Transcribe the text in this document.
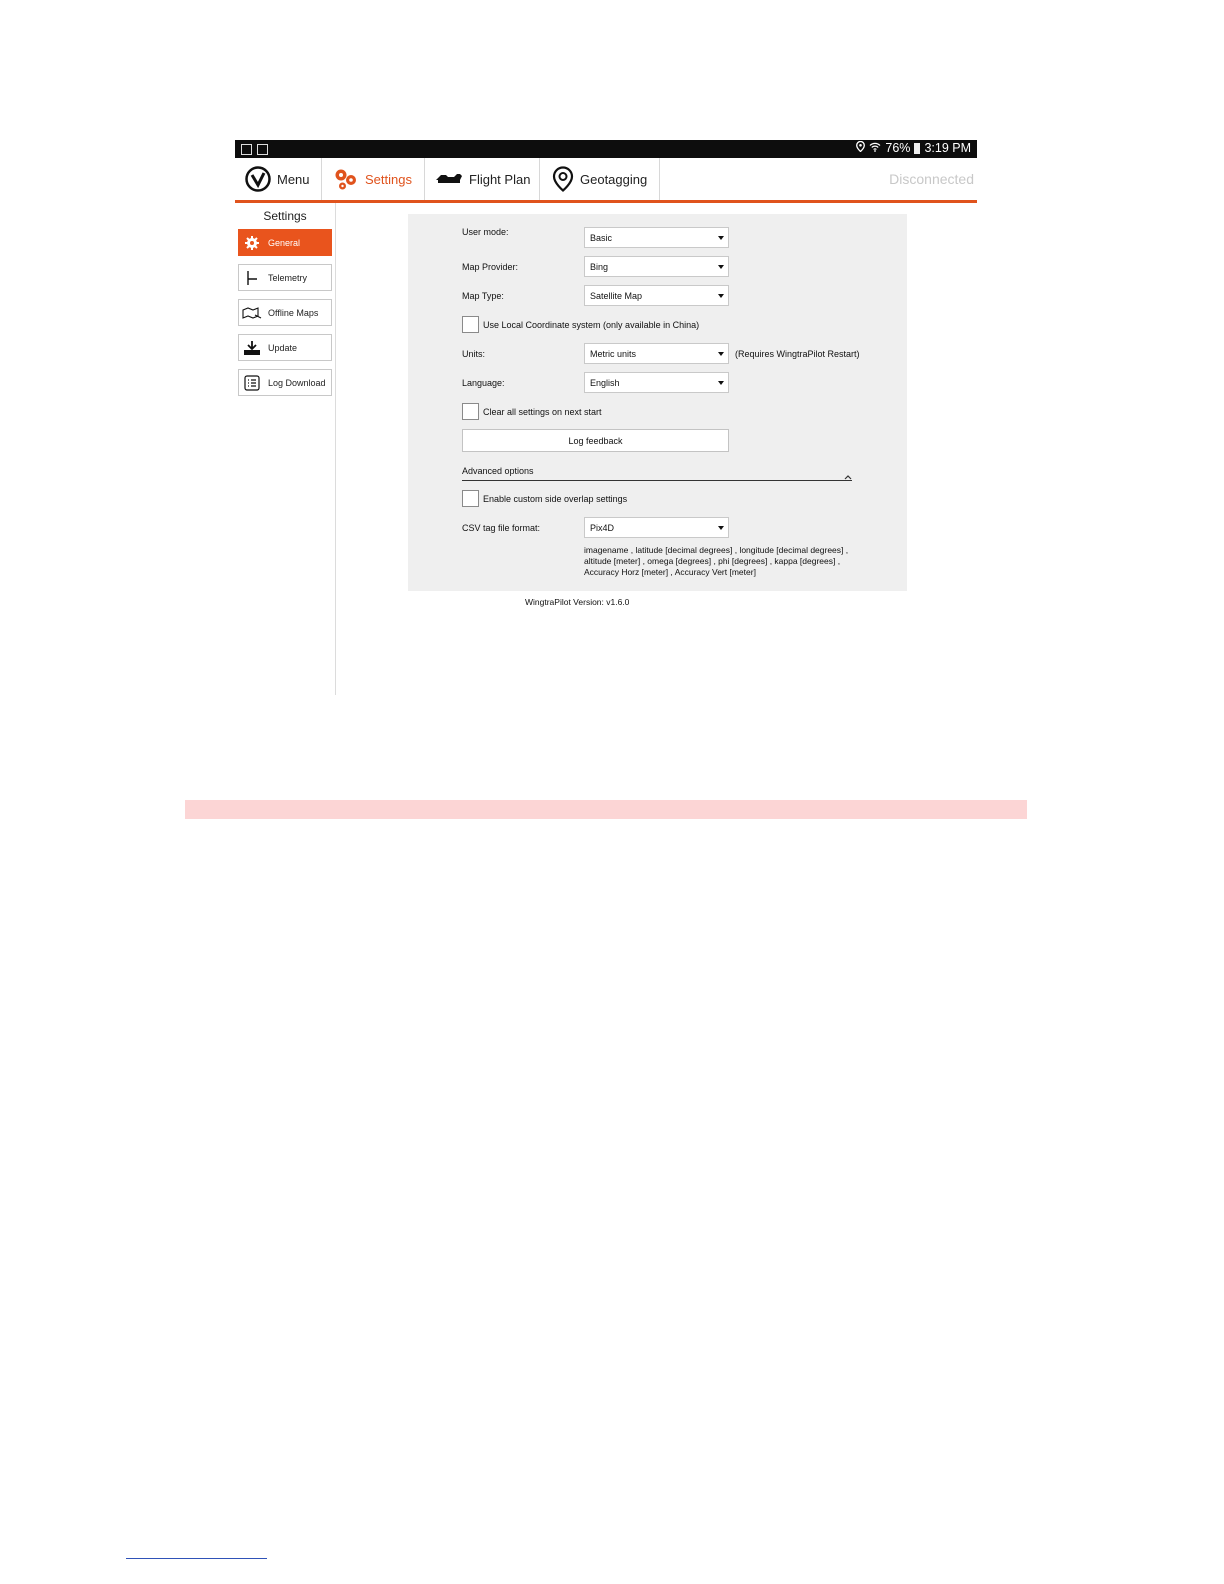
76% 3:19 PM
Menu	Settings	Flight Plan	Geotagging	Disconnected
Settings
General
Telemetry
Offline Maps
Update
Log Download
User mode:
Basic
Map Provider:	Bing
Map Type:	Satellite Map
Use Local Coordinate system (only available in China)
Units:	Metric units	(Requires WingtraPilot Restart)
Language:	English
Clear all settings on next start
Log feedback
Advanced options
Enable custom side overlap settings
CSV tag file format:	Pix4D
imagename , latitude [decimal degrees] , longitude [decimal degrees] , altitude [meter] , omega [degrees] , phi [degrees] , kappa [degrees] , Accuracy Horz [meter] , Accuracy Vert [meter]
WingtraPilot Version: v1.6.0
